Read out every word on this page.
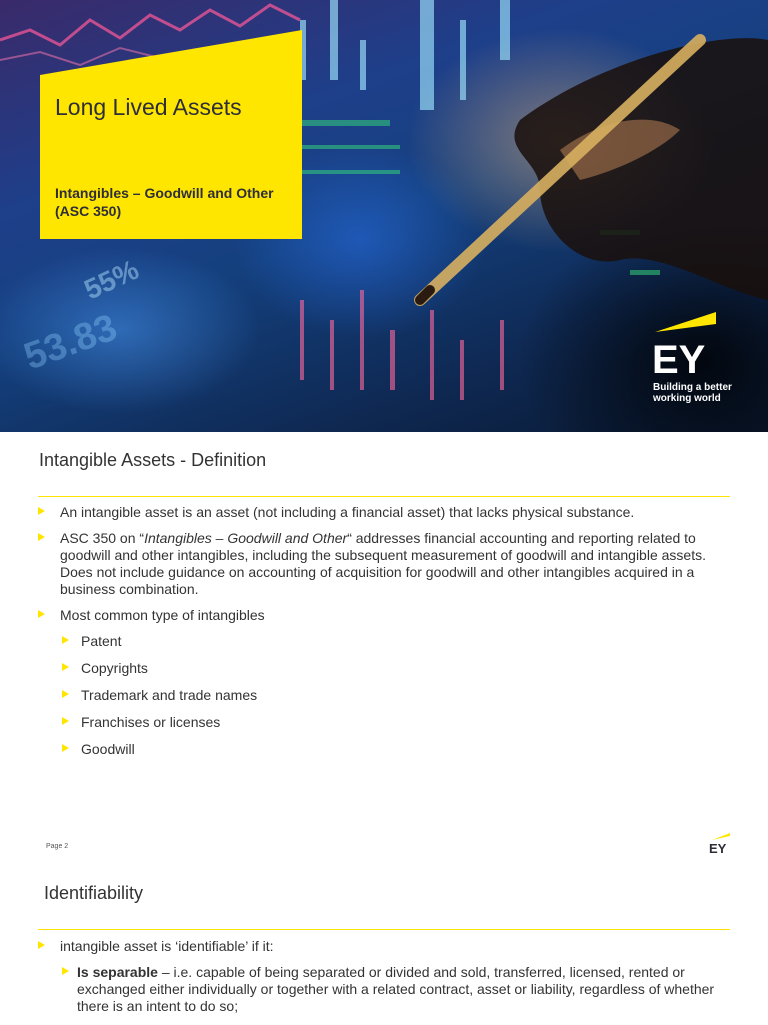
53.83
55%
Long Lived Assets
Intangibles – Goodwill and Other (ASC 350)
EY
Building a better
working world
Intangible Assets - Definition
An intangible asset is an asset (not including a financial asset) that lacks physical substance.
ASC 350 on “Intangibles – Goodwill and Other“ addresses financial accounting and reporting related to goodwill and other intangibles, including the subsequent measurement of goodwill and intangible assets. Does not include guidance on accounting of acquisition for goodwill and other intangibles acquired in a business combination.
Most common type of intangibles
Patent
Copyrights
Trademark and trade names
Franchises or licenses
Goodwill
Page 2	EY
Identifiability
intangible asset is ‘identifiable’ if it:
Is separable – i.e. capable of being separated or divided and sold, transferred, licensed, rented or exchanged either individually or together with a related contract, asset or liability, regardless of whether there is an intent to do so;
